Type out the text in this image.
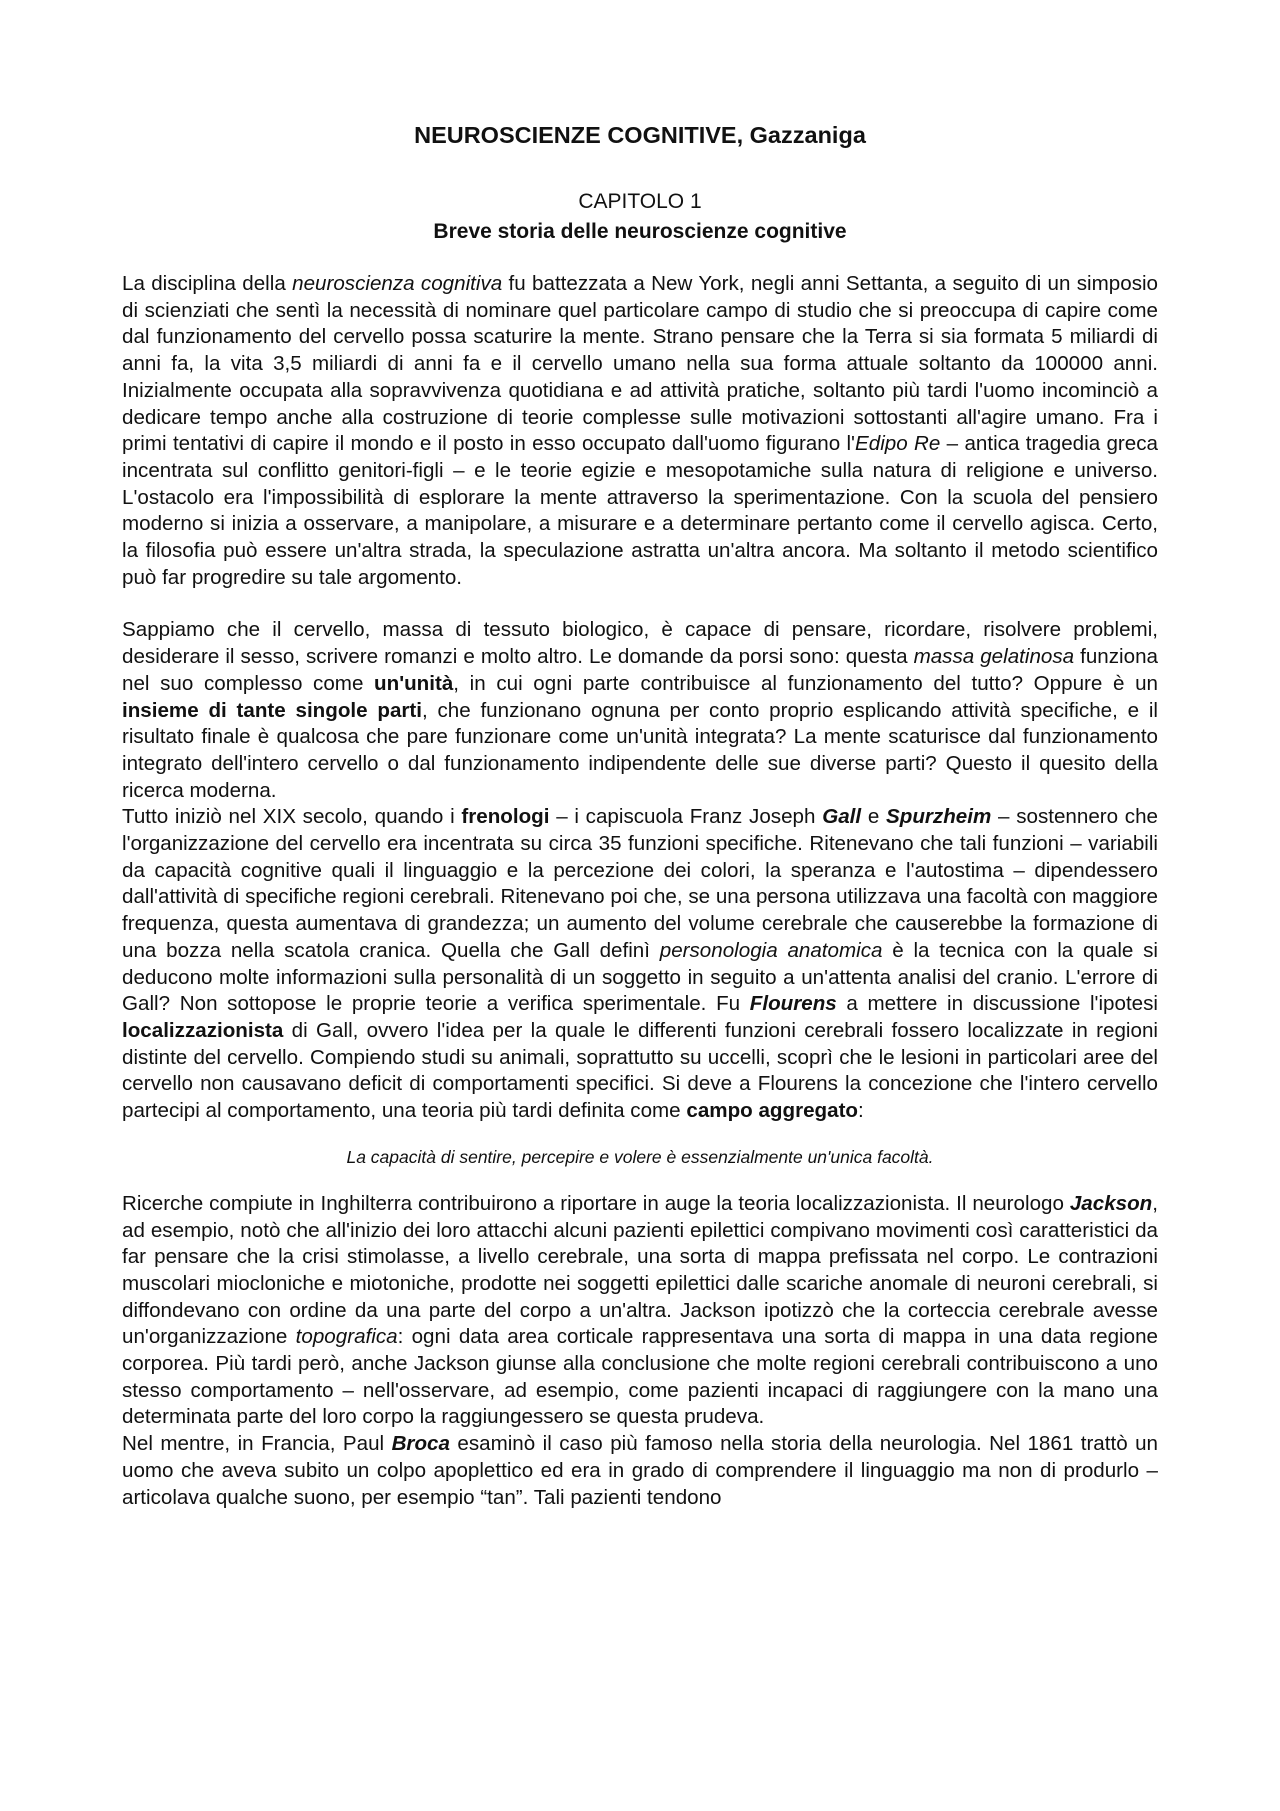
NEUROSCIENZE COGNITIVE, Gazzaniga
CAPITOLO 1
Breve storia delle neuroscienze cognitive

La disciplina della neuroscienza cognitiva fu battezzata a New York, negli anni Settanta, a seguito di un simposio di scienziati che sentì la necessità di nominare quel particolare campo di studio che si preoccupa di capire come dal funzionamento del cervello possa scaturire la mente. Strano pensare che la Terra si sia formata 5 miliardi di anni fa, la vita 3,5 miliardi di anni fa e il cervello umano nella sua forma attuale soltanto da 100000 anni. Inizialmente occupata alla sopravvivenza quotidiana e ad attività pratiche, soltanto più tardi l'uomo incominciò a dedicare tempo anche alla costruzione di teorie complesse sulle motivazioni sottostanti all'agire umano. Fra i primi tentativi di capire il mondo e il posto in esso occupato dall'uomo figurano l'Edipo Re – antica tragedia greca incentrata sul conflitto genitori-figli – e le teorie egizie e mesopotamiche sulla natura di religione e universo. L'ostacolo era l'impossibilità di esplorare la mente attraverso la sperimentazione. Con la scuola del pensiero moderno si inizia a osservare, a manipolare, a misurare e a determinare pertanto come il cervello agisca. Certo, la filosofia può essere un'altra strada, la speculazione astratta un'altra ancora. Ma soltanto il metodo scientifico può far progredire su tale argomento.

Sappiamo che il cervello, massa di tessuto biologico, è capace di pensare, ricordare, risolvere problemi, desiderare il sesso, scrivere romanzi e molto altro. Le domande da porsi sono: questa massa gelatinosa funziona nel suo complesso come un'unità, in cui ogni parte contribuisce al funzionamento del tutto? Oppure è un insieme di tante singole parti, che funzionano ognuna per conto proprio esplicando attività specifiche, e il risultato finale è qualcosa che pare funzionare come un'unità integrata? La mente scaturisce dal funzionamento integrato dell'intero cervello o dal funzionamento indipendente delle sue diverse parti? Questo il quesito della ricerca moderna.

Tutto iniziò nel XIX secolo, quando i frenologi – i capiscuola Franz Joseph Gall e Spurzheim – sostennero che l'organizzazione del cervello era incentrata su circa 35 funzioni specifiche. Ritenevano che tali funzioni – variabili da capacità cognitive quali il linguaggio e la percezione dei colori, la speranza e l'autostima – dipendessero dall'attività di specifiche regioni cerebrali. Ritenevano poi che, se una persona utilizzava una facoltà con maggiore frequenza, questa aumentava di grandezza; un aumento del volume cerebrale che causerebbe la formazione di una bozza nella scatola cranica. Quella che Gall definì personologia anatomica è la tecnica con la quale si deducono molte informazioni sulla personalità di un soggetto in seguito a un'attenta analisi del cranio. L'errore di Gall? Non sottopose le proprie teorie a verifica sperimentale. Fu Flourens a mettere in discussione l'ipotesi localizzazionista di Gall, ovvero l'idea per la quale le differenti funzioni cerebrali fossero localizzate in regioni distinte del cervello. Compiendo studi su animali, soprattutto su uccelli, scoprì che le lesioni in particolari aree del cervello non causavano deficit di comportamenti specifici. Si deve a Flourens la concezione che l'intero cervello partecipi al comportamento, una teoria più tardi definita come campo aggregato:

La capacità di sentire, percepire e volere è essenzialmente un'unica facoltà.

Ricerche compiute in Inghilterra contribuirono a riportare in auge la teoria localizzazionista. Il neurologo Jackson, ad esempio, notò che all'inizio dei loro attacchi alcuni pazienti epilettici compivano movimenti così caratteristici da far pensare che la crisi stimolasse, a livello cerebrale, una sorta di mappa prefissata nel corpo. Le contrazioni muscolari miocloniche e miotoniche, prodotte nei soggetti epilettici dalle scariche anomale di neuroni cerebrali, si diffondevano con ordine da una parte del corpo a un'altra. Jackson ipotizzò che la corteccia cerebrale avesse un'organizzazione topografica: ogni data area corticale rappresentava una sorta di mappa in una data regione corporea. Più tardi però, anche Jackson giunse alla conclusione che molte regioni cerebrali contribuiscono a uno stesso comportamento – nell'osservare, ad esempio, come pazienti incapaci di raggiungere con la mano una determinata parte del loro corpo la raggiungessero se questa prudeva.

Nel mentre, in Francia, Paul Broca esaminò il caso più famoso nella storia della neurologia. Nel 1861 trattò un uomo che aveva subito un colpo apoplettico ed era in grado di comprendere il linguaggio ma non di produrlo – articolava qualche suono, per esempio “tan”. Tali pazienti tendono
